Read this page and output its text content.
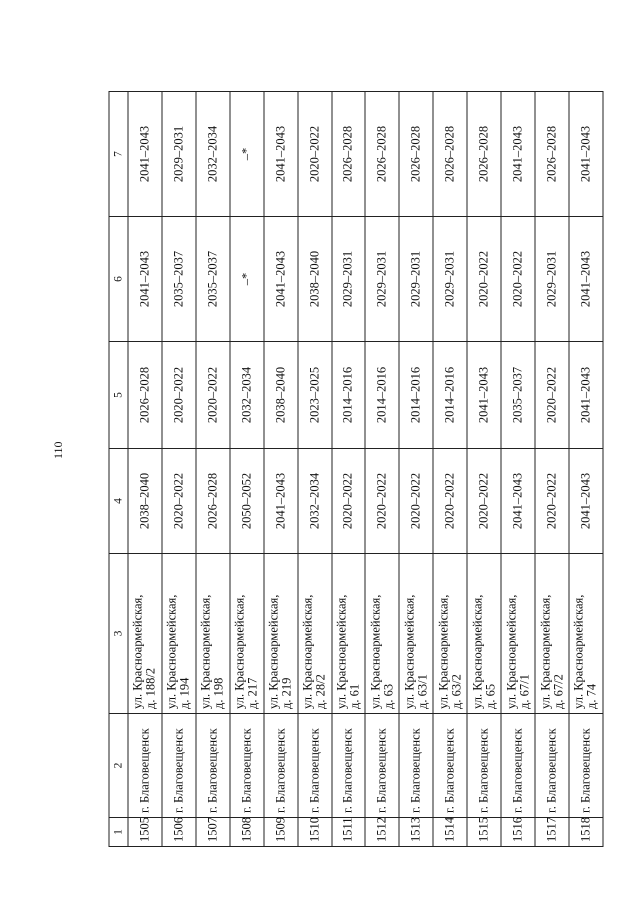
110
1	2	3	4	5	6	7
1505	г. Благовещенск	ул. Красноармейская,
д. 188/2	2038–2040	2026–2028	2041–2043	2041–2043
1506	г. Благовещенск	ул. Красноармейская,
д. 194	2020–2022	2020–2022	2035–2037	2029–2031
1507	г. Благовещенск	ул. Красноармейская,
д. 198	2026–2028	2020–2022	2035–2037	2032–2034
1508	г. Благовещенск	ул. Красноармейская,
д. 217	2050–2052	2032–2034	–*	–*
1509	г. Благовещенск	ул. Красноармейская,
д. 219	2041–2043	2038–2040	2041–2043	2041–2043
1510	г. Благовещенск	ул. Красноармейская,
д. 28/2	2032–2034	2023–2025	2038–2040	2020–2022
1511	г. Благовещенск	ул. Красноармейская,
д. 61	2020–2022	2014–2016	2029–2031	2026–2028
1512	г. Благовещенск	ул. Красноармейская,
д. 63	2020–2022	2014–2016	2029–2031	2026–2028
1513	г. Благовещенск	ул. Красноармейская,
д. 63/1	2020–2022	2014–2016	2029–2031	2026–2028
1514	г. Благовещенск	ул. Красноармейская,
д. 63/2	2020–2022	2014–2016	2029–2031	2026–2028
1515	г. Благовещенск	ул. Красноармейская,
д. 65	2020–2022	2041–2043	2020–2022	2026–2028
1516	г. Благовещенск	ул. Красноармейская,
д. 67/1	2041–2043	2035–2037	2020–2022	2041–2043
1517	г. Благовещенск	ул. Красноармейская,
д. 67/2	2020–2022	2020–2022	2029–2031	2026–2028
1518	г. Благовещенск	ул. Красноармейская,
д. 74	2041–2043	2041–2043	2041–2043	2041–2043
